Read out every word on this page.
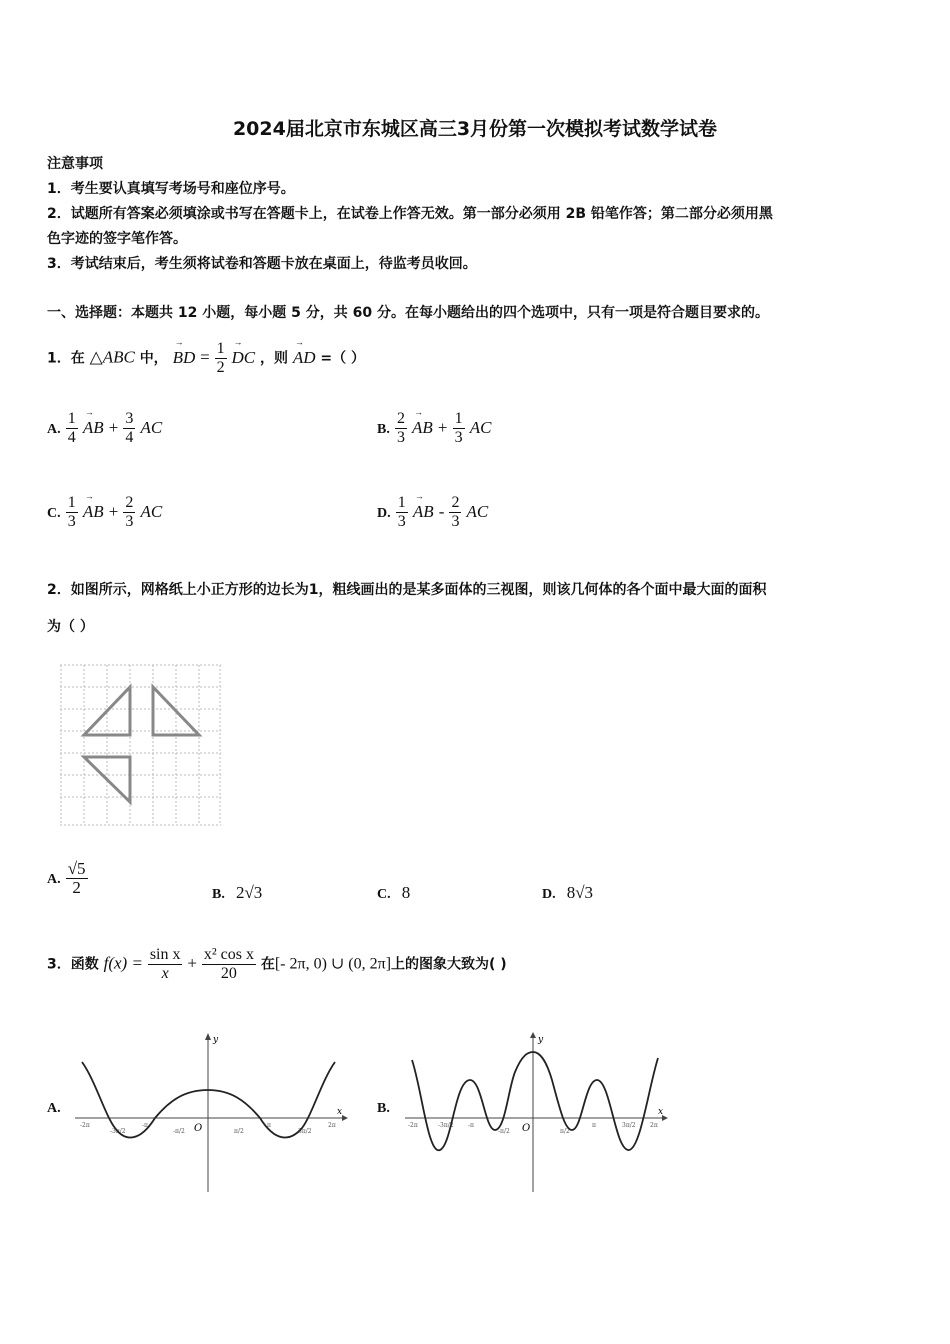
2024届北京市东城区高三3月份第一次模拟考试数学试卷
注意事项
1．考生要认真填写考场号和座位序号。
2．试题所有答案必须填涂或书写在答题卡上，在试卷上作答无效。第一部分必须用 2B 铅笔作答；第二部分必须用黑
色字迹的签字笔作答。
3．考试结束后，考生须将试卷和答题卡放在桌面上，待监考员收回。
一、选择题：本题共 12 小题，每小题 5 分，共 60 分。在每小题给出的四个选项中，只有一项是符合题目要求的。
1．在 △ABC 中， → BD = $\frac{1}{2}$ → DC ，则 → AD =（ ）
A. $\frac{1}{4}$ → AB + $\frac{3}{4}$ AC	B. $\frac{2}{3}$ → AB + $\frac{1}{3}$ AC
C. $\frac{1}{3}$ → AB + $\frac{2}{3}$ AC	D. $\frac{1}{3}$ → AB - $\frac{2}{3}$ AC
2．如图所示，网格纸上小正方形的边长为1，粗线画出的是某多面体的三视图，则该几何体的各个面中最大面的面积
为（ ）
A. $\frac{√5}{2}$	B. 2√3	C. 8	D. 8√3
3．函数 $f(x) = \frac{\text{sin x}}{x} + \frac{\text{x² cos x}}{20}$ 在[- 2π, 0) ∪ (0, 2π]上的图象大致为( )
A.
y
x
O
-2π
-3π/2
-π
-π/2	π/2
π
3π/2
2π
B.
y
x
O
-2π	-3π/2 -π
-π/2	π/2
π	3π/2 2π
